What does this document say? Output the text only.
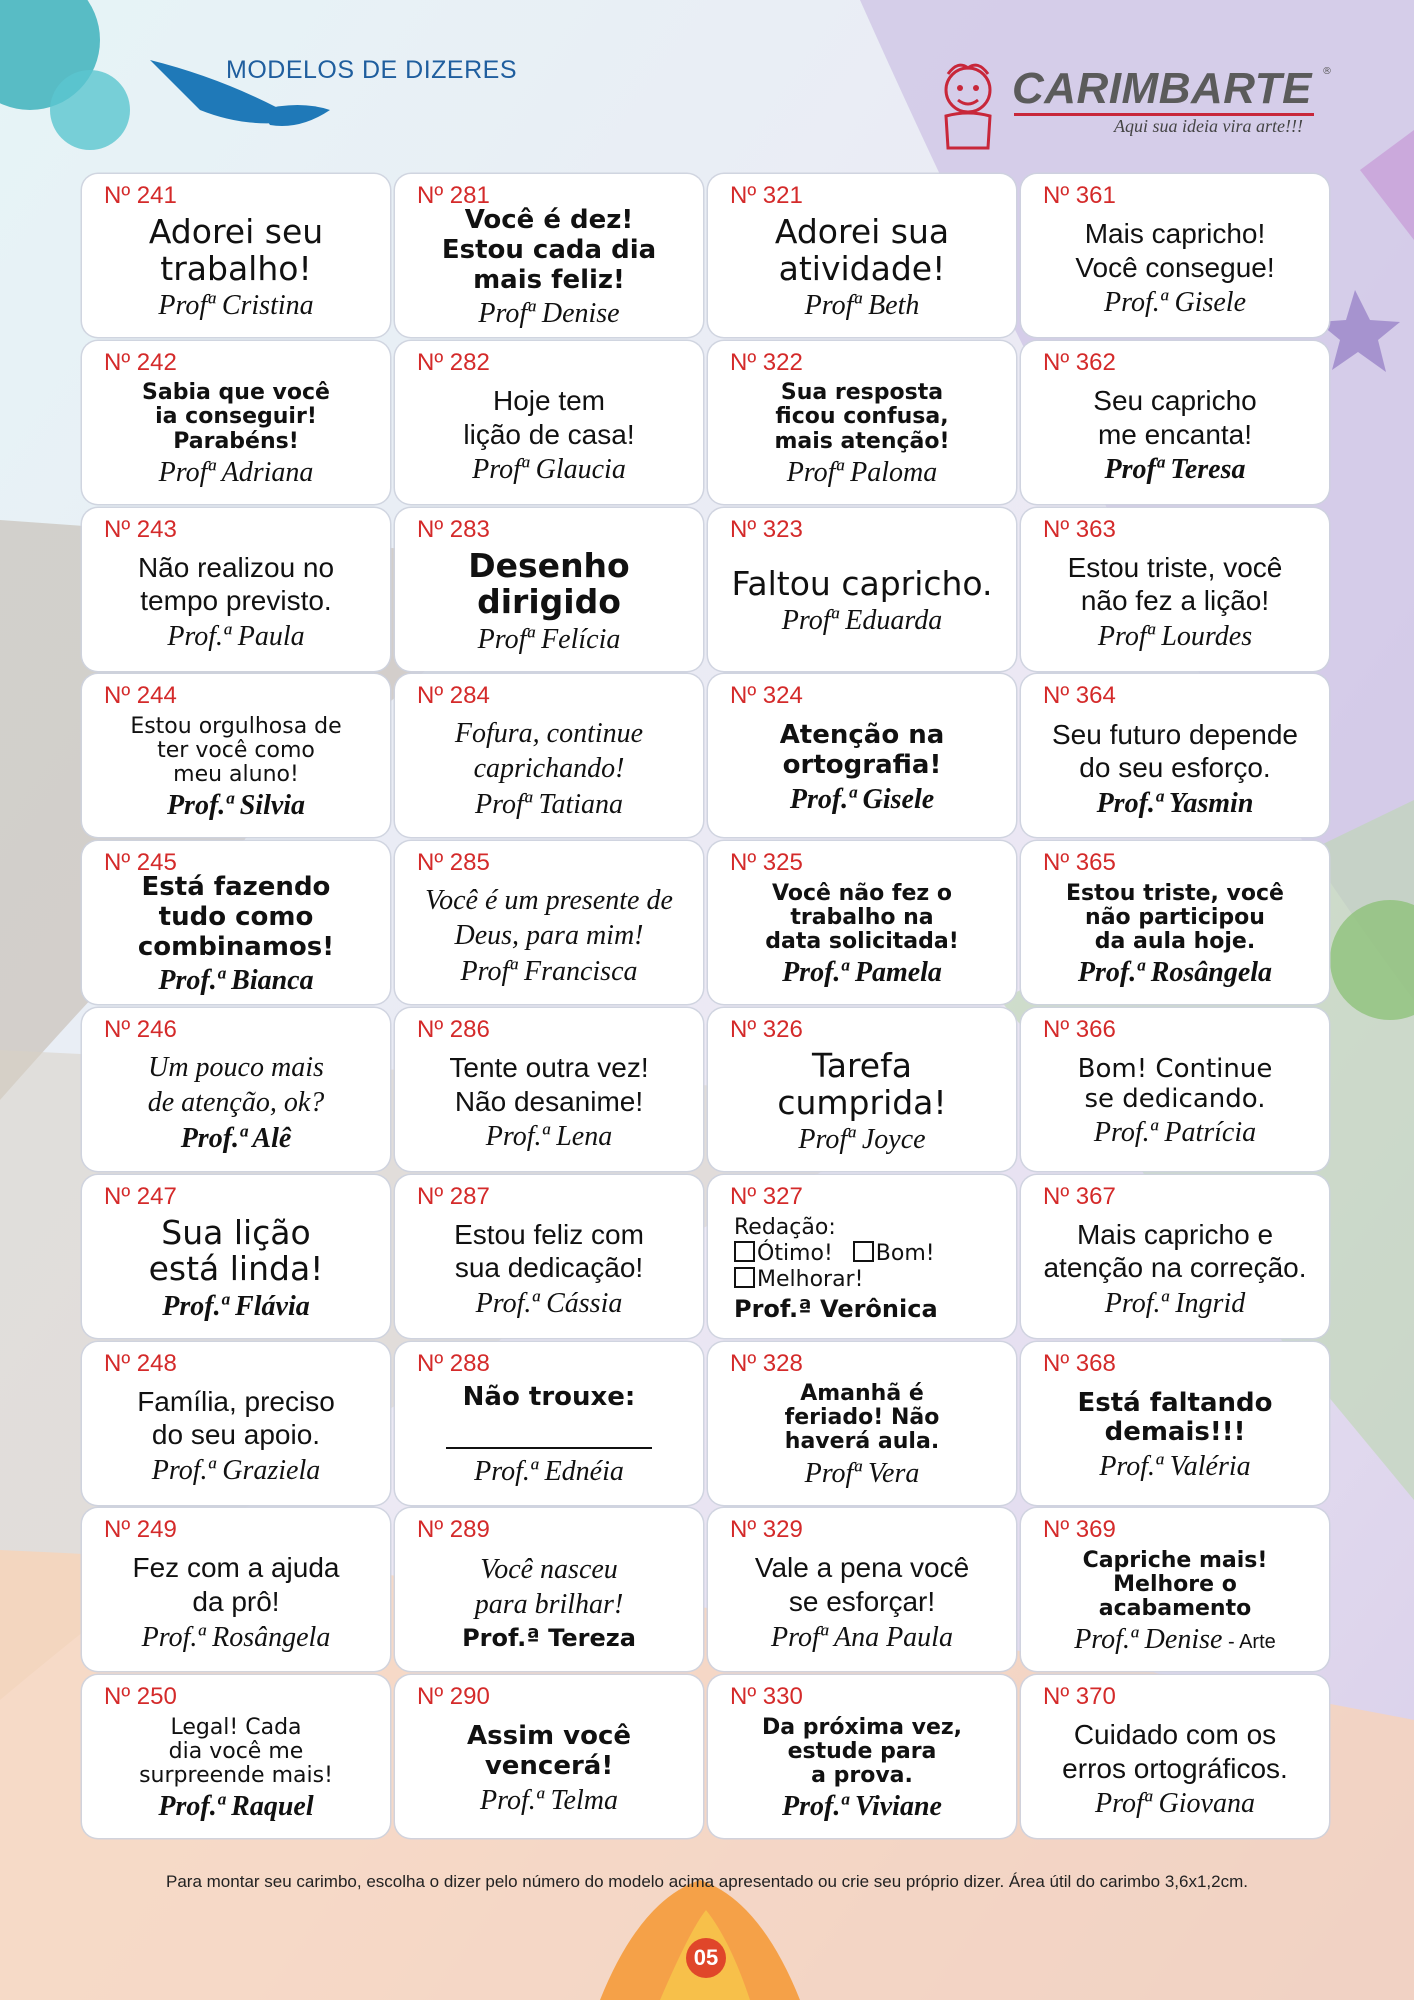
MODELOS DE DIZERES	CARIMBARTE ®
Aqui sua ideia vira arte!!!
Nº 241
Adorei seu
trabalho!
Profª Cristina
Nº 281
Você é dez!
Estou cada dia
mais feliz!
Profª Denise
Nº 321
Adorei sua
atividade!
Profª Beth
Nº 361
Mais capricho!
Você consegue!
Prof.ª Gisele
Nº 242
Sabia que você
ia conseguir!
Parabéns!
Profª Adriana
Nº 282
Hoje tem
lição de casa!
Profª Glaucia
Nº 322
Sua resposta
ficou confusa,
mais atenção!
Profª Paloma
Nº 362
Seu capricho
me encanta!
Profª Teresa
Nº 243
Não realizou no
tempo previsto.
Prof.ª Paula
Nº 283
Desenho
dirigido
Profª Felícia
Nº 323
Faltou capricho.
Profª Eduarda
Nº 363
Estou triste, você
não fez a lição!
Profª Lourdes
Nº 244
Estou orgulhosa de
ter você como
meu aluno!
Prof.ª Silvia
Nº 284
Fofura, continue
caprichando!
Profª Tatiana
Nº 324
Atenção na
ortografia!
Prof.ª Gisele
Nº 364
Seu futuro depende
do seu esforço.
Prof.ª Yasmin
Nº 245
Está fazendo
tudo como
combinamos!
Prof.ª Bianca
Nº 285
Você é um presente de
Deus, para mim!
Profª Francisca
Nº 325
Você não fez o
trabalho na
data solicitada!
Prof.ª Pamela
Nº 365
Estou triste, você
não participou
da aula hoje.
Prof.ª Rosângela
Nº 246
Um pouco mais
de atenção, ok?
Prof.ª Alê
Nº 286
Tente outra vez!
Não desanime!
Prof.ª Lena
Nº 326
Tarefa
cumprida!
Profª Joyce
Nº 366
Bom! Continue
se dedicando.
Prof.ª Patrícia
Nº 247
Sua lição
está linda!
Prof.ª Flávia
Nº 287
Estou feliz com
sua dedicação!
Prof.ª Cássia
Nº 327
Redação:
Ótimo! Bom!
Melhorar!
Prof.ª Verônica
Nº 367
Mais capricho e
atenção na correção.
Prof.ª Ingrid
Nº 248
Família, preciso
do seu apoio.
Prof.ª Graziela
Nº 288
Não trouxe:
Prof.ª Ednéia
Nº 328
Amanhã é
feriado! Não
haverá aula.
Profª Vera
Nº 368
Está faltando
demais!!!
Prof.ª Valéria
Nº 249
Fez com a ajuda
da prô!
Prof.ª Rosângela
Nº 289
Você nasceu
para brilhar!
Prof.ª Tereza
Nº 329
Vale a pena você
se esforçar!
Profª Ana Paula
Nº 369
Capriche mais!
Melhore o
acabamento
Prof.ª Denise - Arte
Nº 250
Legal! Cada
dia você me
surpreende mais!
Prof.ª Raquel
Nº 290
Assim você
vencerá!
Prof.ª Telma
Nº 330
Da próxima vez,
estude para
a prova.
Prof.ª Viviane
Nº 370
Cuidado com os
erros ortográficos.
Profª Giovana
Para montar seu carimbo, escolha o dizer pelo número do modelo acima apresentado ou crie seu próprio dizer. Área útil do carimbo 3,6x1,2cm.
05
